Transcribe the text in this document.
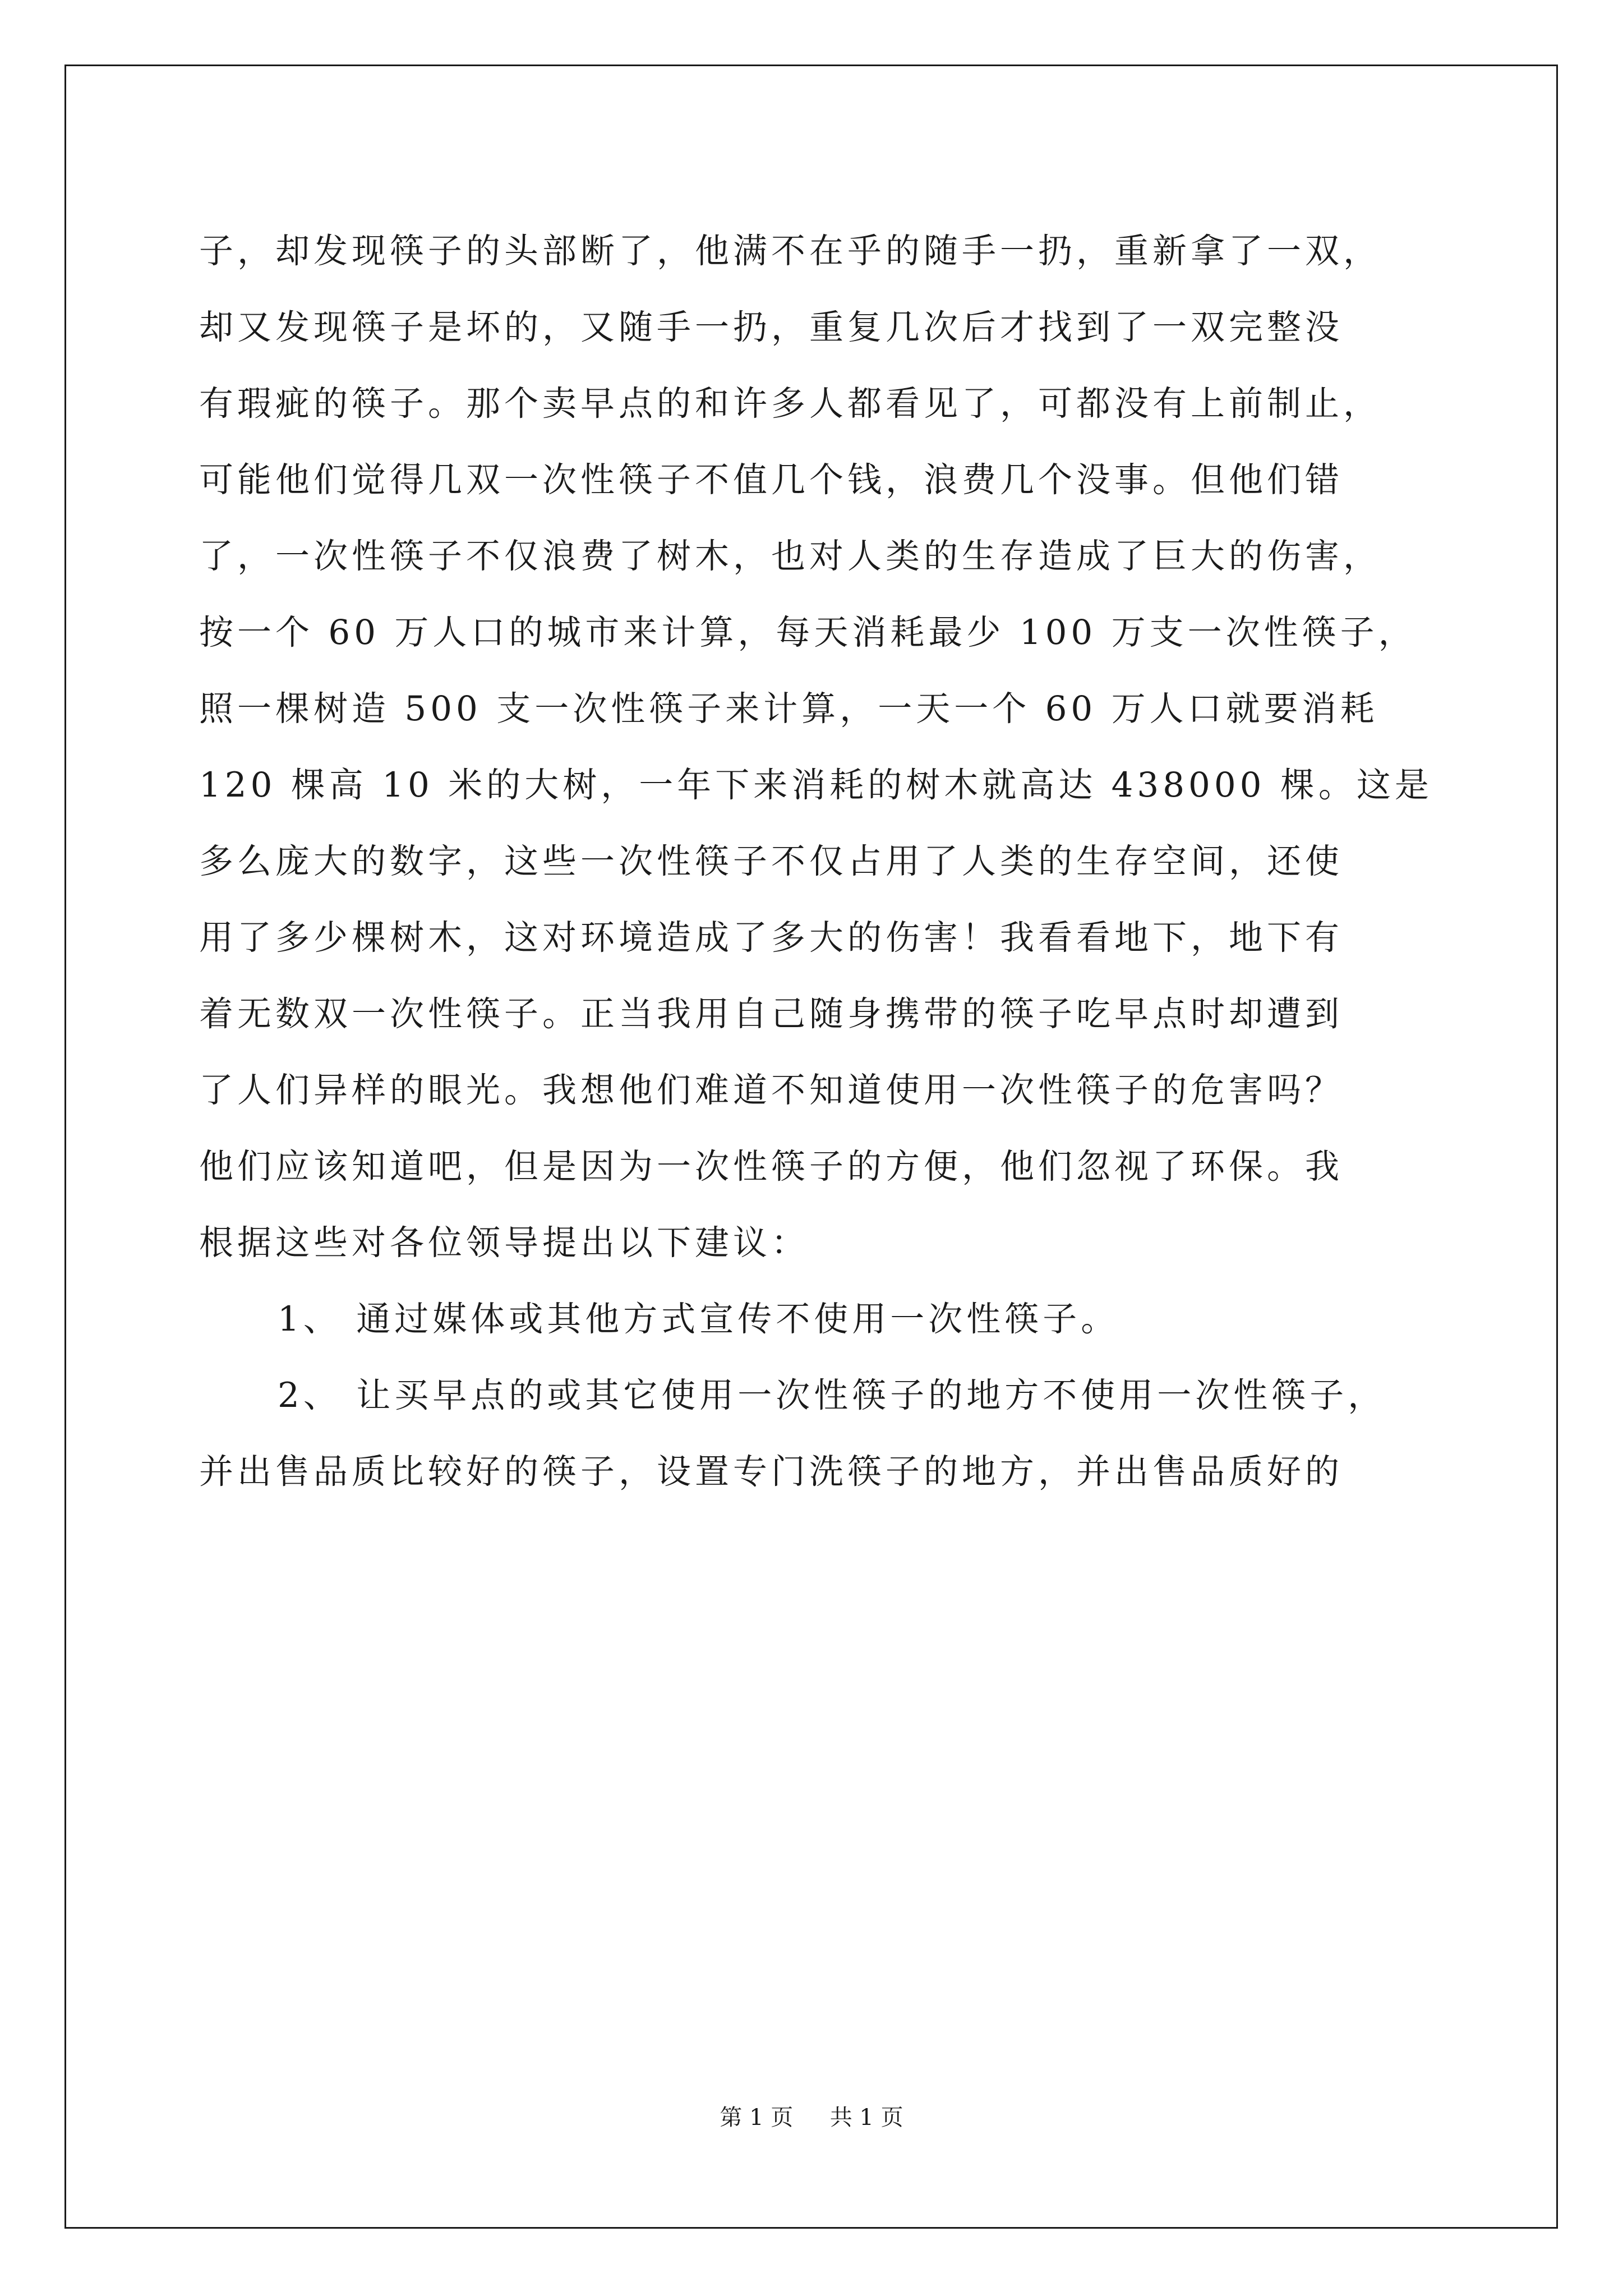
子，却发现筷子的头部断了，他满不在乎的随手一扔，重新拿了一双，
却又发现筷子是坏的，又随手一扔，重复几次后才找到了一双完整没
有瑕疵的筷子。那个卖早点的和许多人都看见了，可都没有上前制止，
可能他们觉得几双一次性筷子不值几个钱，浪费几个没事。但他们错
了，一次性筷子不仅浪费了树木，也对人类的生存造成了巨大的伤害，
按一个 60 万人口的城市来计算，每天消耗最少 100 万支一次性筷子，
照一棵树造 500 支一次性筷子来计算，一天一个 60 万人口就要消耗
120 棵高 10 米的大树，一年下来消耗的树木就高达 438000 棵。这是
多么庞大的数字，这些一次性筷子不仅占用了人类的生存空间，还使
用了多少棵树木，这对环境造成了多大的伤害！我看看地下，地下有
着无数双一次性筷子。正当我用自己随身携带的筷子吃早点时却遭到
了人们异样的眼光。我想他们难道不知道使用一次性筷子的危害吗？
他们应该知道吧，但是因为一次性筷子的方便，他们忽视了环保。我
根据这些对各位领导提出以下建议：
1、 通过媒体或其他方式宣传不使用一次性筷子。
2、 让买早点的或其它使用一次性筷子的地方不使用一次性筷子，
并出售品质比较好的筷子，设置专门洗筷子的地方，并出售品质好的
第 1 页 共 1 页
